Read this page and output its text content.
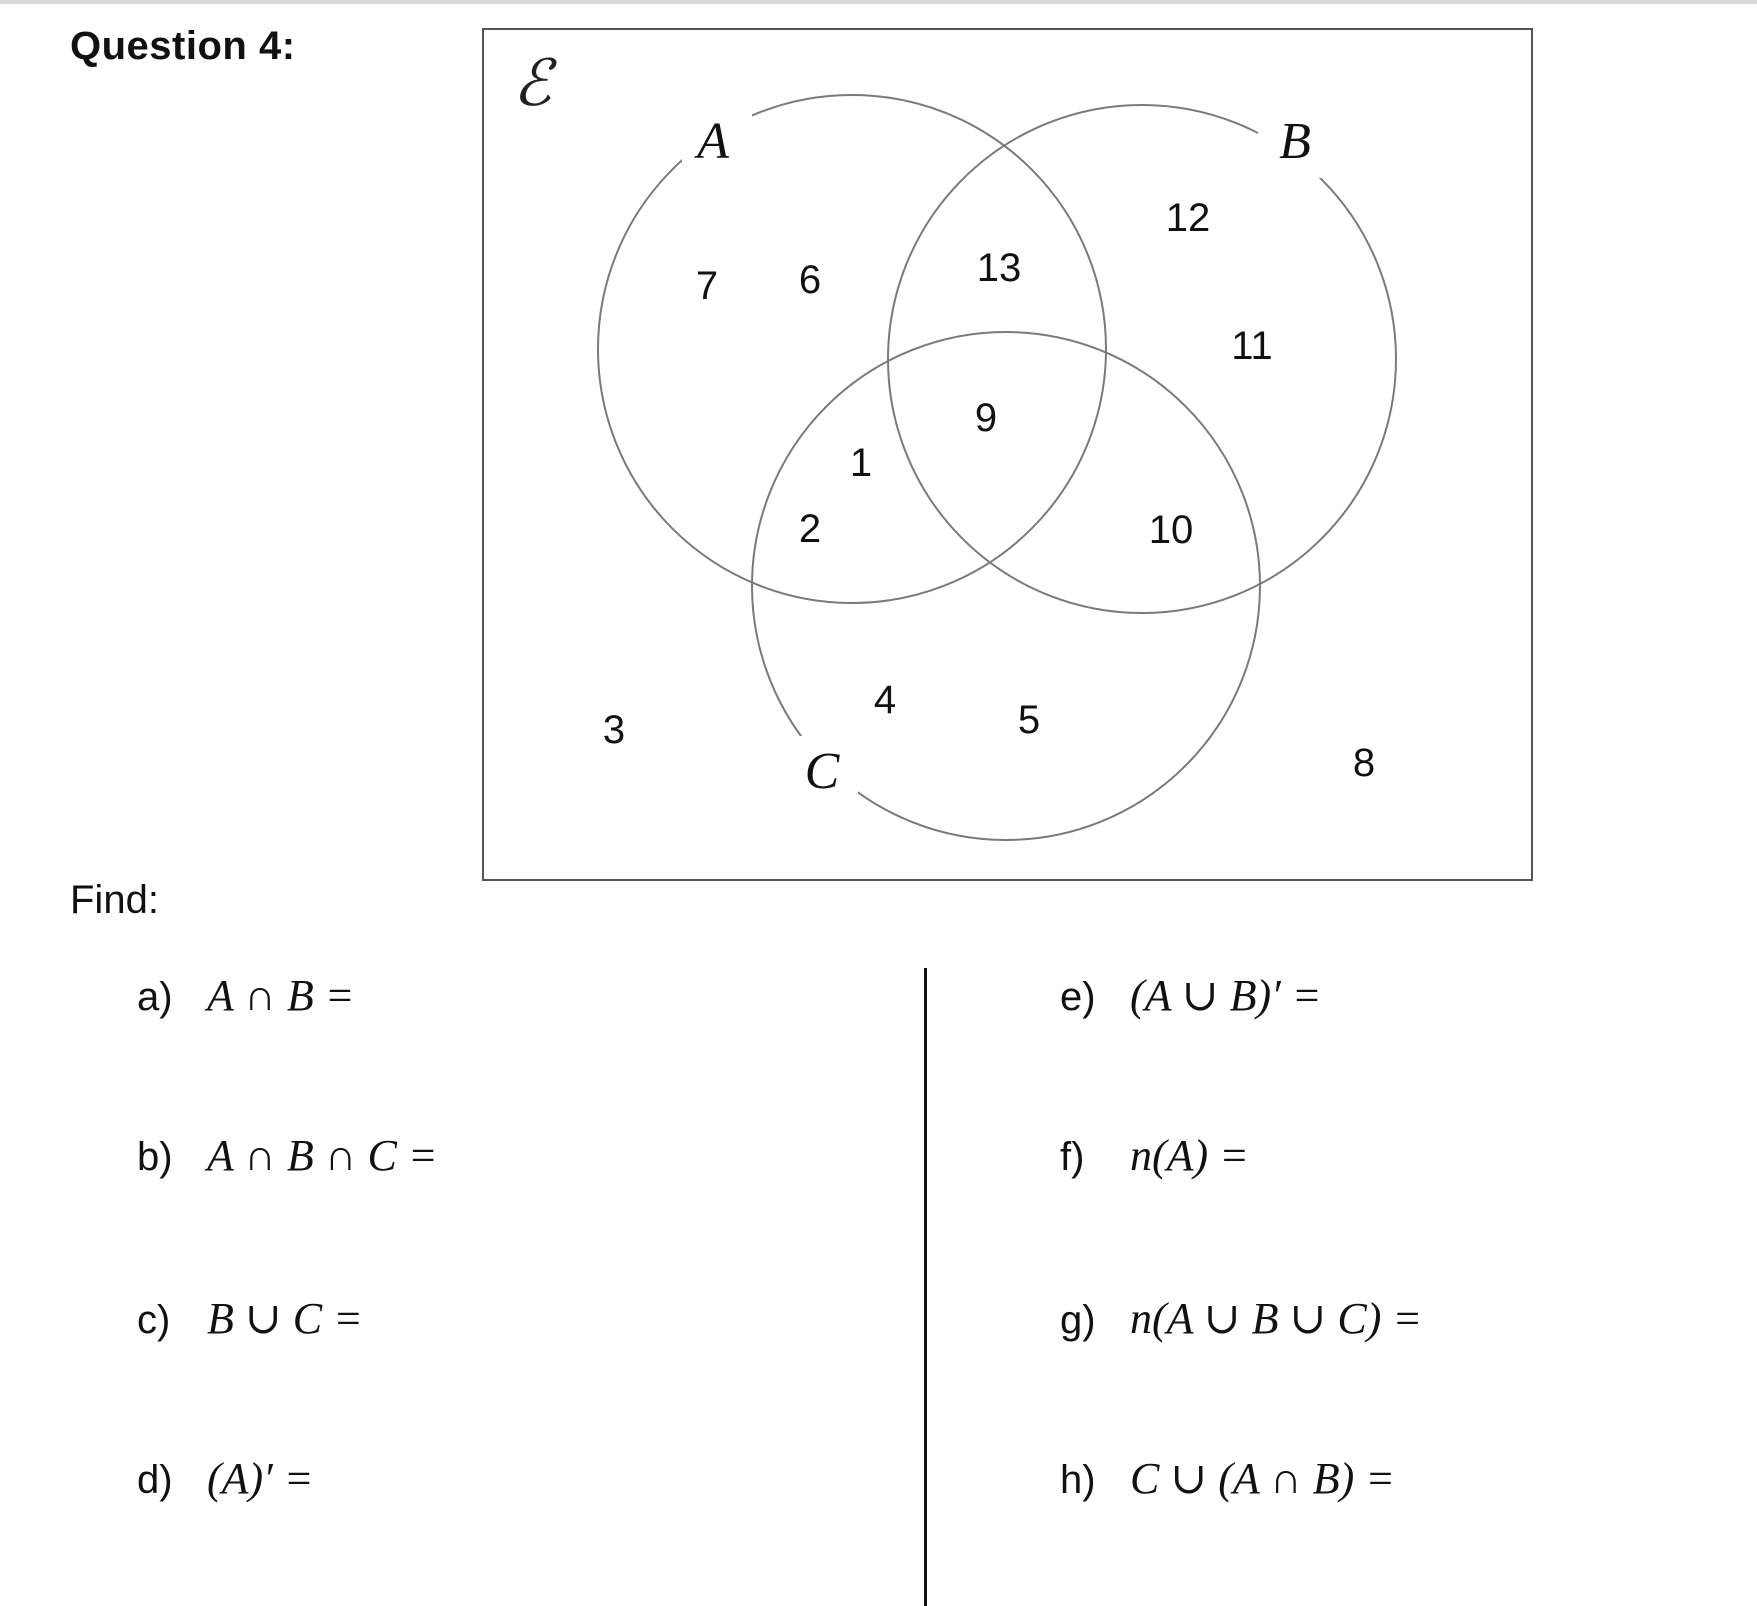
Question 4:
ℰ
A	B
C
7 6	13
12
11
9
1
2	10
4	5
3
8
Find:
a) A ∩ B =
b) A ∩ B ∩ C =
c) B ∪ C =
d) (A)′ =
e) (A ∪ B)′ =
f) n(A) =
g) n(A ∪ B ∪ C) =
h) C ∪ (A ∩ B) =
